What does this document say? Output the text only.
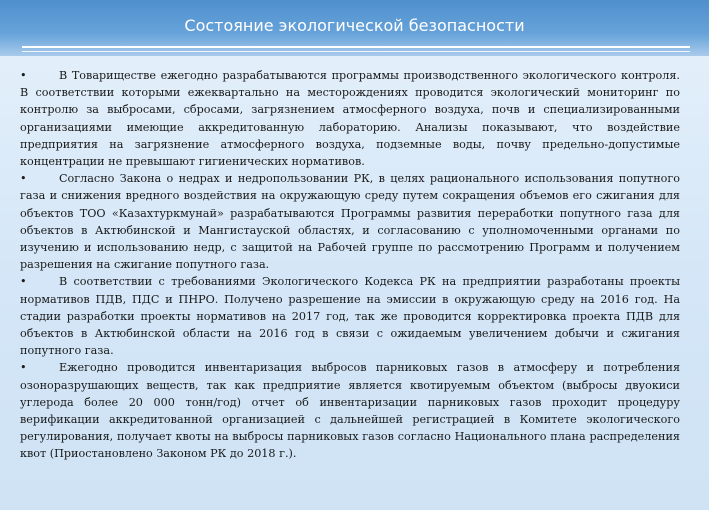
Состояние экологической безопасности

•	В Товариществе ежегодно разрабатываются программы производственного экологического контроля. В соответствии которыми ежеквартально на месторождениях проводится экологический мониторинг по контролю за выбросами, сбросами, загрязнением атмосферного воздуха, почв и специализированными организациями имеющие аккредитованную лабораторию. Анализы показывают, что воздействие предприятия на загрязнение атмосферного воздуха, подземные воды, почву предельно-допустимые концентрации не превышают гигиенических нормативов.

•	Согласно Закона о недрах и недропользовании РК, в целях рационального использования попутного газа и снижения вредного воздействия на окружающую среду путем сокращения объемов его сжигания для объектов ТОО «Казахтуркмунай» разрабатываются Программы развития переработки попутного газа для объектов в Актюбинской и Мангистауской областях, и согласованию с уполномоченными органами по изучению и использованию недр, с защитой на Рабочей группе по рассмотрению Программ и получением разрешения на сжигание попутного газа.

•	В соответствии с требованиями Экологического Кодекса РК на предприятии разработаны проекты нормативов ПДВ, ПДС и ПНРО. Получено разрешение на эмиссии в окружающую среду на 2016 год. На стадии разработки проекты нормативов на 2017 год, так же проводится корректировка проекта ПДВ для объектов в Актюбинской области на 2016 год в связи с ожидаемым увеличением добычи и сжигания попутного газа.

•	Ежегодно проводится инвентаризация выбросов парниковых газов в атмосферу и потребления озоноразрушающих веществ, так как предприятие является квотируемым объектом (выбросы двуокиси углерода более 20 000 тонн/год) отчет об инвентаризации парниковых газов проходит процедуру верификации аккредитованной организацией с дальнейшей регистрацией в Комитете экологического регулирования, получает квоты на выбросы парниковых газов согласно Национального плана распределения квот (Приостановлено Законом РК до 2018 г.).
